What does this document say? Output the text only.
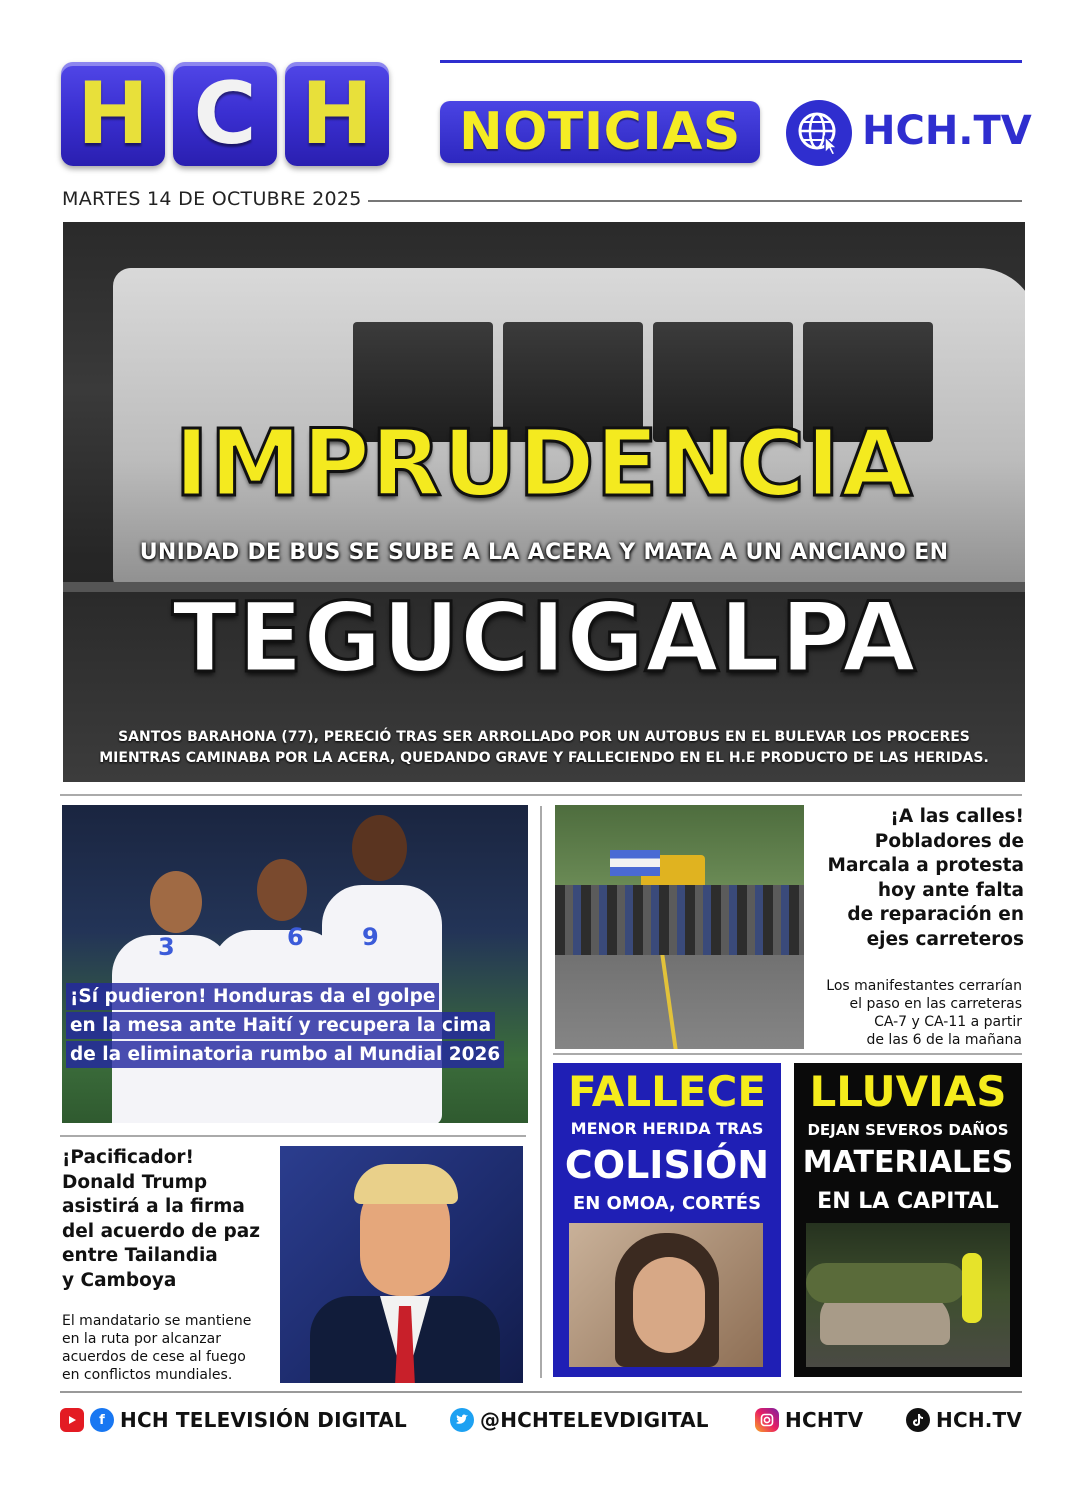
H C H NOTICIAS	HCH.TV
MARTES 14 DE OCTUBRE 2025
IMPRUDENCIA
UNIDAD DE BUS SE SUBE A LA ACERA Y MATA A UN ANCIANO EN
TEGUCIGALPA
SANTOS BARAHONA (77), PERECIÓ TRAS SER ARROLLADO POR UN AUTOBUS EN EL BULEVAR LOS PROCERES
MIENTRAS CAMINABA POR LA ACERA, QUEDANDO GRAVE Y FALLECIENDO EN EL H.E PRODUCTO DE LAS HERIDAS.
3	6 9
¡Sí pudieron! Honduras da el golpe
en la mesa ante Haití y recupera la cima
de la eliminatoria rumbo al Mundial 2026
¡A las calles!
Pobladores de
Marcala a protesta
hoy ante falta
de reparación en
ejes carreteros
Los manifestantes cerrarían
el paso en las carreteras
CA-7 y CA-11 a partir
de las 6 de la mañana
¡Pacificador!
Donald Trump
asistirá a la firma
del acuerdo de paz
entre Tailandia
y Camboya
El mandatario se mantiene
en la ruta por alcanzar
acuerdos de cese al fuego
en conflictos mundiales.
FALLECE
MENOR HERIDA TRAS
COLISIÓN
EN OMOA, CORTÉS
LLUVIAS
DEJAN SEVEROS DAÑOS
MATERIALES
EN LA CAPITAL
f HCH TELEVISIÓN DIGITAL	@HCHTELEVDIGITAL	HCHTV	HCH.TV
